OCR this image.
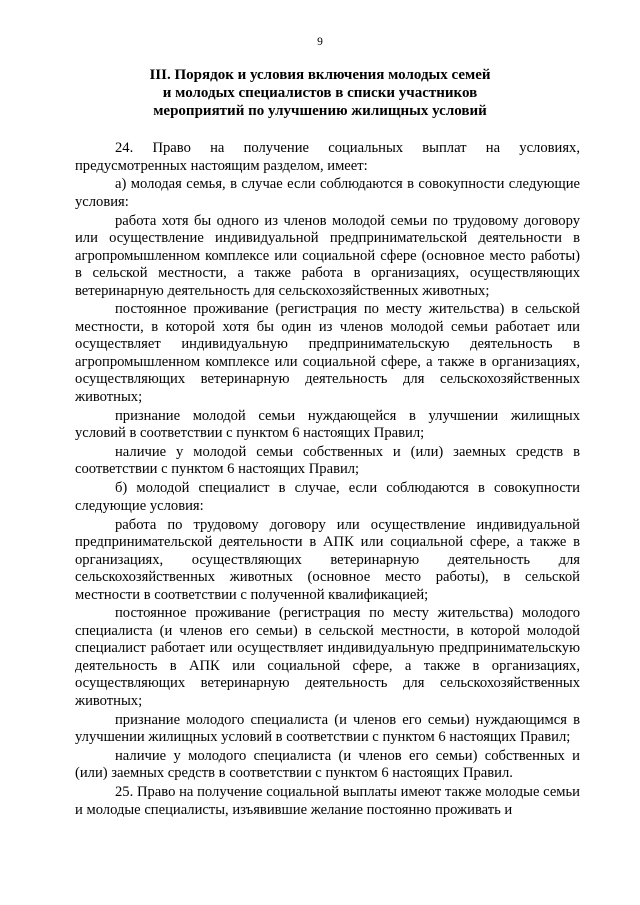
9
III. Порядок и условия включения молодых семей
и молодых специалистов в списки участников
мероприятий по улучшению жилищных условий

24. Право на получение социальных выплат на условиях, предусмотренных настоящим разделом, имеет:

а) молодая семья, в случае если соблюдаются в совокупности следующие условия:

работа хотя бы одного из членов молодой семьи по трудовому договору или осуществление индивидуальной предпринимательской деятельности в агропромышленном комплексе или социальной сфере (основное место работы) в сельской местности, а также работа в организациях, осуществляющих ветеринарную деятельность для сельскохозяйственных животных;

постоянное проживание (регистрация по месту жительства) в сельской местности, в которой хотя бы один из членов молодой семьи работает или осуществляет индивидуальную предпринимательскую деятельность в агропромышленном комплексе или социальной сфере, а также в организациях, осуществляющих ветеринарную деятельность для сельскохозяйственных животных;

признание молодой семьи нуждающейся в улучшении жилищных условий в соответствии с пунктом 6 настоящих Правил;

наличие у молодой семьи собственных и (или) заемных средств в соответствии с пунктом 6 настоящих Правил;

б) молодой специалист в случае, если соблюдаются в совокупности следующие условия:

работа по трудовому договору или осуществление индивидуальной предпринимательской деятельности в АПК или социальной сфере, а также в организациях, осуществляющих ветеринарную деятельность для сельскохозяйственных животных (основное место работы), в сельской местности в соответствии с полученной квалификацией;

постоянное проживание (регистрация по месту жительства) молодого специалиста (и членов его семьи) в сельской местности, в которой молодой специалист работает или осуществляет индивидуальную предпринимательскую деятельность в АПК или социальной сфере, а также в организациях, осуществляющих ветеринарную деятельность для сельскохозяйственных животных;

признание молодого специалиста (и членов его семьи) нуждающимся в улучшении жилищных условий в соответствии с пунктом 6 настоящих Правил;

наличие у молодого специалиста (и членов его семьи) собственных и (или) заемных средств в соответствии с пунктом 6 настоящих Правил.

25. Право на получение социальной выплаты имеют также молодые семьи и молодые специалисты, изъявившие желание постоянно проживать и
